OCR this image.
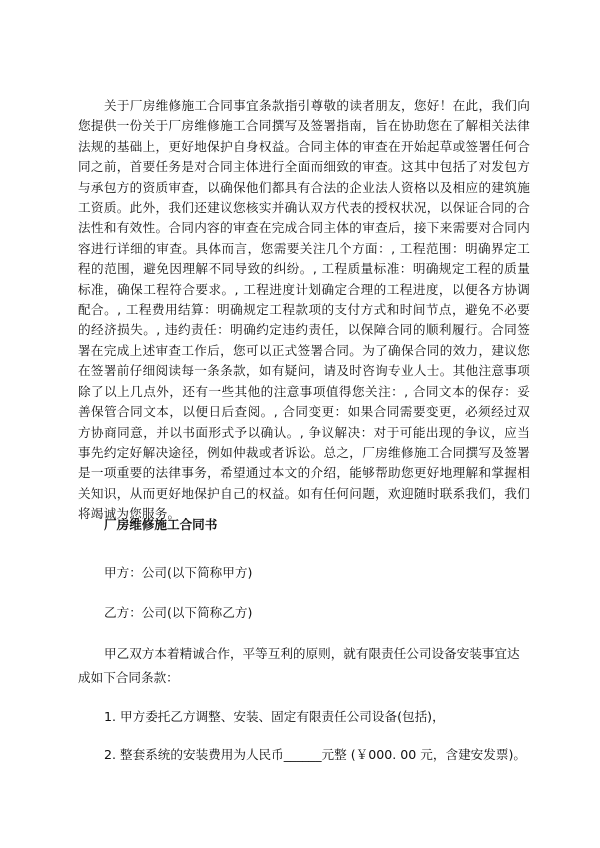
关于厂房维修施工合同事宜条款指引尊敬的读者朋友，您好！在此，我们向您提供一份关于厂房维修施工合同撰写及签署指南，旨在协助您在了解相关法律法规的基础上，更好地保护自身权益。合同主体的审查在开始起草或签署任何合同之前，首要任务是对合同主体进行全面而细致的审查。这其中包括了对发包方与承包方的资质审查，以确保他们都具有合法的企业法人资格以及相应的建筑施工资质。此外，我们还建议您核实并确认双方代表的授权状况，以保证合同的合法性和有效性。合同内容的审查在完成合同主体的审查后，接下来需要对合同内容进行详细的审查。具体而言，您需要关注几个方面：, 工程范围：明确界定工程的范围，避免因理解不同导致的纠纷。, 工程质量标准：明确规定工程的质量标准，确保工程符合要求。, 工程进度计划确定合理的工程进度，以便各方协调配合。, 工程费用结算：明确规定工程款项的支付方式和时间节点，避免不必要的经济损失。, 违约责任：明确约定违约责任，以保障合同的顺利履行。合同签署在完成上述审查工作后，您可以正式签署合同。为了确保合同的效力，建议您在签署前仔细阅读每一条条款，如有疑问，请及时咨询专业人士。其他注意事项除了以上几点外，还有一些其他的注意事项值得您关注：, 合同文本的保存：妥善保管合同文本，以便日后查阅。, 合同变更：如果合同需要变更，必须经过双方协商同意，并以书面形式予以确认。, 争议解决：对于可能出现的争议，应当事先约定好解决途径，例如仲裁或者诉讼。总之，厂房维修施工合同撰写及签署是一项重要的法律事务，希望通过本文的介绍，能够帮助您更好地理解和掌握相关知识，从而更好地保护自己的权益。如有任何问题，欢迎随时联系我们，我们将竭诚为您服务。

厂房维修施工合同书

甲方：公司(以下简称甲方)

乙方：公司(以下简称乙方)

甲乙双方本着精诚合作，平等互利的原则，就有限责任公司设备安装事宜达成如下合同条款：

1. 甲方委托乙方调整、安装、固定有限责任公司设备(包括)，

2. 整套系统的安装费用为人民币______元整 (￥000. 00 元，含建安发票)。
